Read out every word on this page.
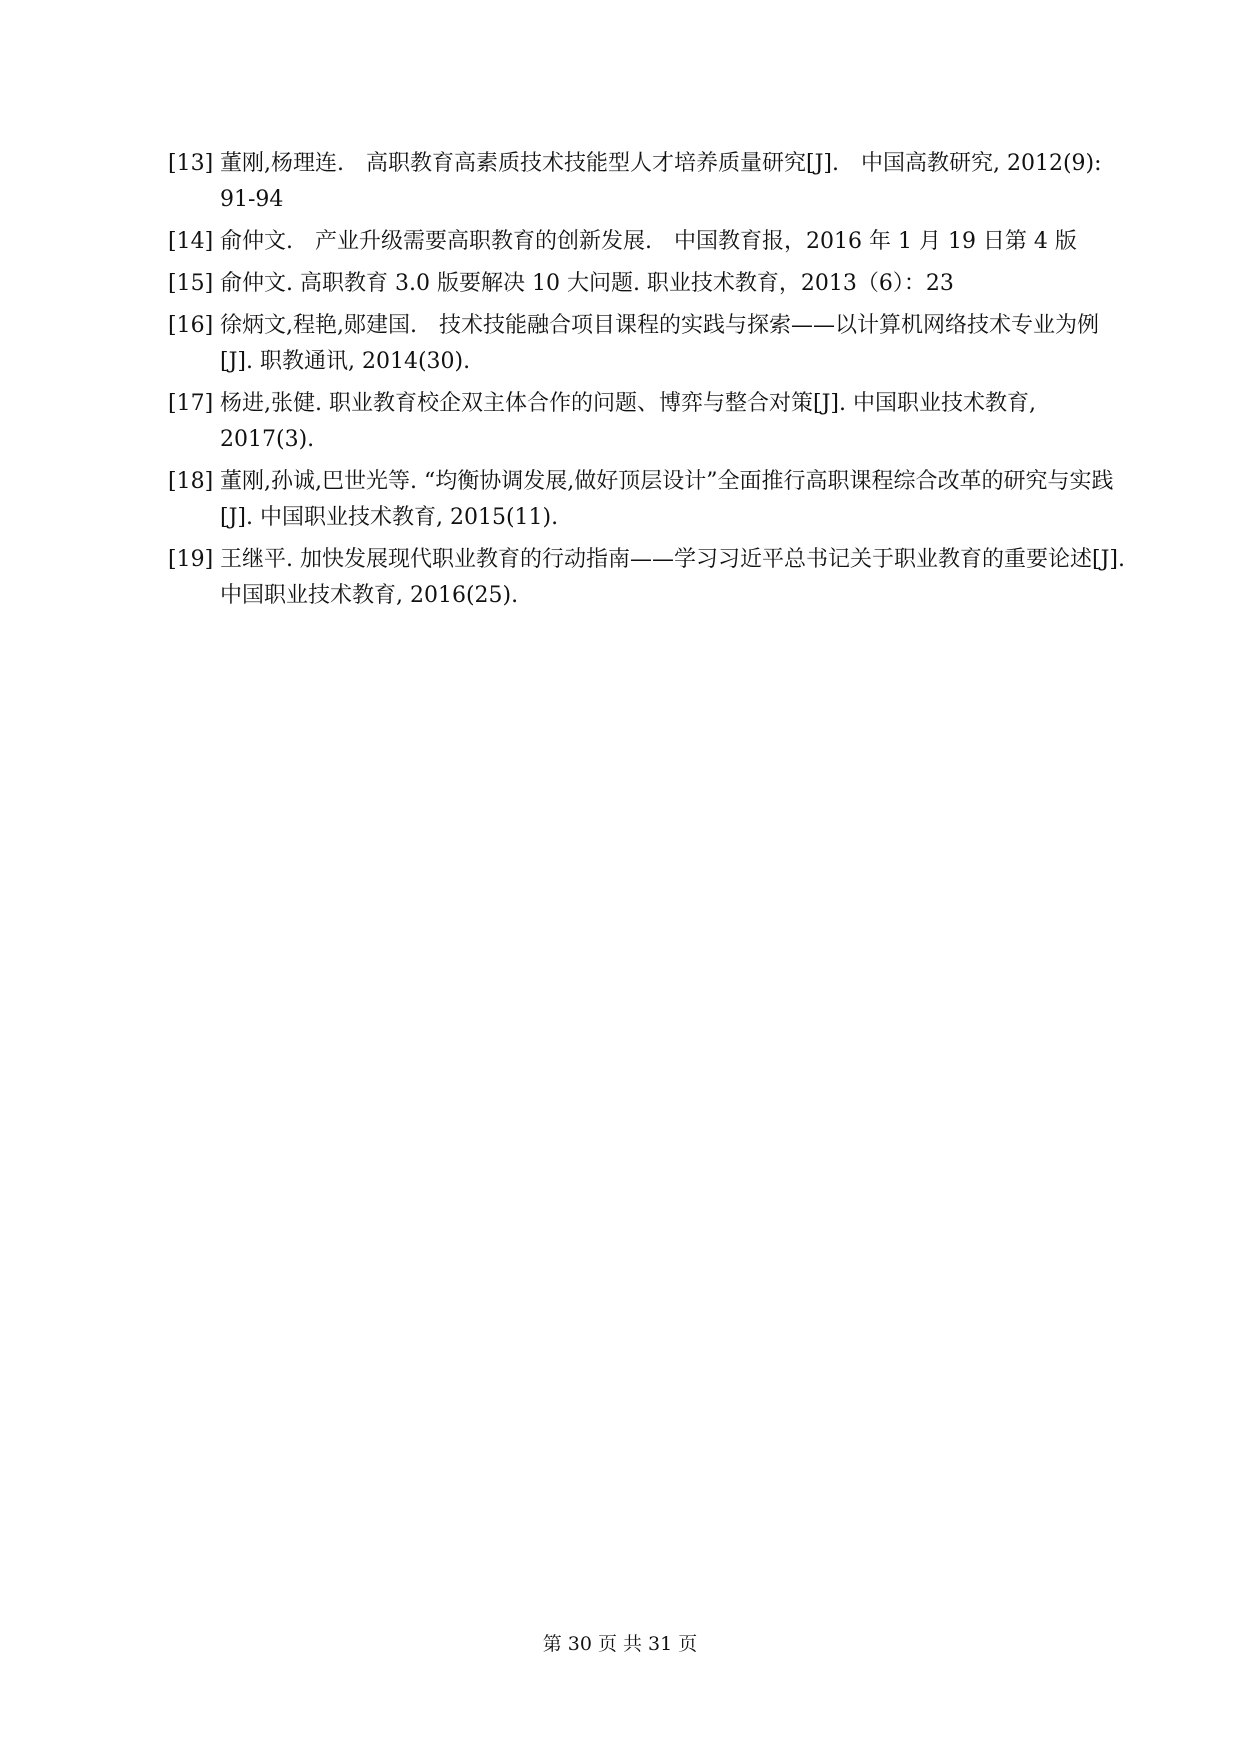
[13] 董刚,杨理连.　高职教育高素质技术技能型人才培养质量研究[J].　中国高教研究, 2012(9): 91-94
[14] 俞仲文.　产业升级需要高职教育的创新发展.　中国教育报，2016 年 1 月 19 日第 4 版
[15] 俞仲文. 高职教育 3.0 版要解决 10 大问题. 职业技术教育，2013（6）：23
[16] 徐炳文,程艳,郧建国.　技术技能融合项目课程的实践与探索——以计算机网络技术专业为例[J]. 职教通讯, 2014(30).
[17] 杨进,张健. 职业教育校企双主体合作的问题、博弈与整合对策[J]. 中国职业技术教育, 2017(3).
[18] 董刚,孙诚,巴世光等. “均衡协调发展,做好顶层设计”全面推行高职课程综合改革的研究与实践[J]. 中国职业技术教育, 2015(11).
[19] 王继平. 加快发展现代职业教育的行动指南——学习习近平总书记关于职业教育的重要论述[J]. 中国职业技术教育, 2016(25).
第 30 页 共 31 页
